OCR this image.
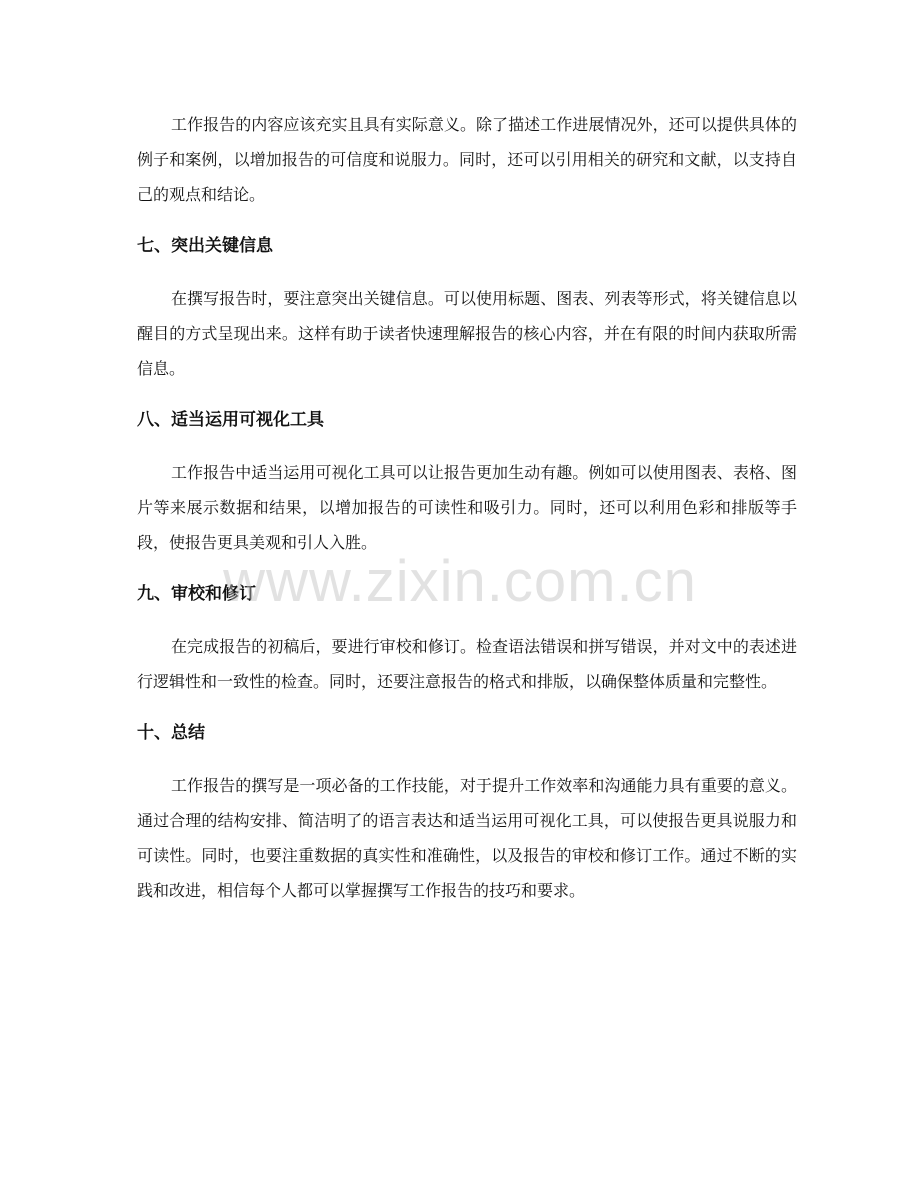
工作报告的内容应该充实且具有实际意义。除了描述工作进展情况外，还可以提供具体的例子和案例，以增加报告的可信度和说服力。同时，还可以引用相关的研究和文献，以支持自己的观点和结论。

七、突出关键信息

在撰写报告时，要注意突出关键信息。可以使用标题、图表、列表等形式，将关键信息以醒目的方式呈现出来。这样有助于读者快速理解报告的核心内容，并在有限的时间内获取所需信息。

八、适当运用可视化工具

工作报告中适当运用可视化工具可以让报告更加生动有趣。例如可以使用图表、表格、图片等来展示数据和结果，以增加报告的可读性和吸引力。同时，还可以利用色彩和排版等手段，使报告更具美观和引人入胜。

九、审校和修订

在完成报告的初稿后，要进行审校和修订。检查语法错误和拼写错误，并对文中的表述进行逻辑性和一致性的检查。同时，还要注意报告的格式和排版，以确保整体质量和完整性。

十、总结

工作报告的撰写是一项必备的工作技能，对于提升工作效率和沟通能力具有重要的意义。通过合理的结构安排、简洁明了的语言表达和适当运用可视化工具，可以使报告更具说服力和可读性。同时，也要注重数据的真实性和准确性，以及报告的审校和修订工作。通过不断的实践和改进，相信每个人都可以掌握撰写工作报告的技巧和要求。

www.zixin.com.cn
